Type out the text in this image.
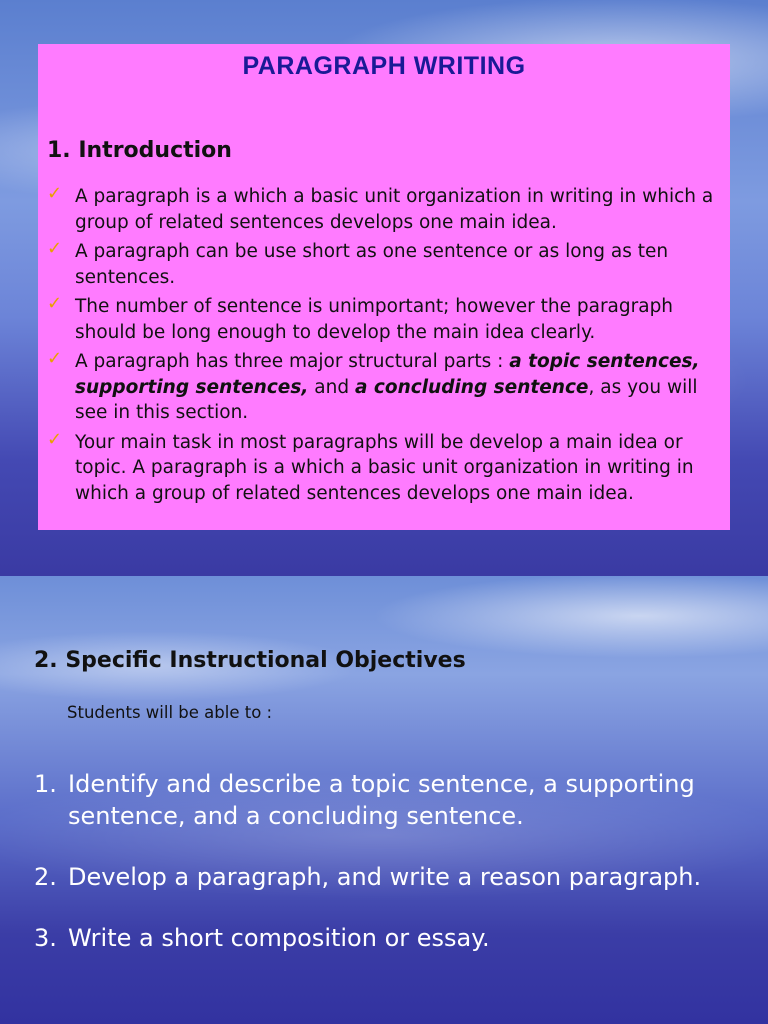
PARAGRAPH WRITING
1. Introduction
✓ A paragraph is a which a basic unit organization in writing in which a group of related sentences develops one main idea.
✓ A paragraph can be use short as one sentence or as long as ten sentences.
✓ The number of sentence is unimportant; however the paragraph should be long enough to develop the main idea clearly.
✓ A paragraph has three major structural parts : a topic sentences, supporting sentences, and a concluding sentence, as you will see in this section.
✓ Your main task in most paragraphs will be develop a main idea or topic. A paragraph is a which a basic unit organization in writing in which a group of related sentences develops one main idea.
2. Specific Instructional Objectives

Students will be able to :

1. Identify and describe a topic sentence, a supporting sentence, and a concluding sentence.
2. Develop a paragraph, and write a reason paragraph.
3. Write a short composition or essay.
